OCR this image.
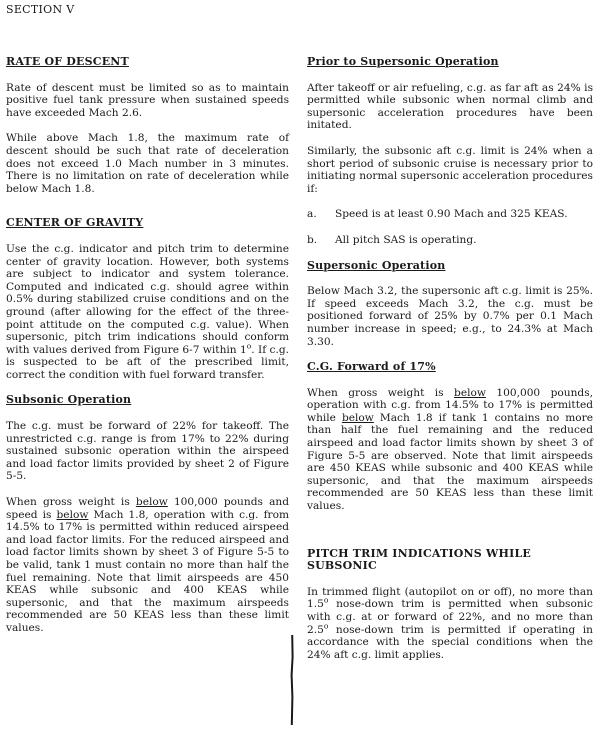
SECTION V
RATE OF DESCENT

Rate of descent must be limited so as to maintain positive fuel tank pressure when sustained speeds have exceeded Mach 2.6.

While above Mach 1.8, the maximum rate of descent should be such that rate of deceleration does not exceed 1.0 Mach number in 3 minutes. There is no limitation on rate of deceleration while below Mach 1.8.

CENTER OF GRAVITY

Use the c.g. indicator and pitch trim to determine center of gravity location. However, both systems are subject to indicator and system tolerance. Computed and indicated c.g. should agree within 0.5% during stabilized cruise conditions and on the ground (after allowing for the effect of the three-point attitude on the computed c.g. value). When supersonic, pitch trim indications should conform with values derived from Figure 6-7 within 1$^o$. If c.g. is suspected to be aft of the prescribed limit, correct the condition with fuel forward transfer.

Subsonic Operation

The c.g. must be forward of 22% for takeoff. The unrestricted c.g. range is from 17% to 22% during sustained subsonic operation within the airspeed and load factor limits provided by sheet 2 of Figure 5-5.

When gross weight is below 100,000 pounds and speed is below Mach 1.8, operation with c.g. from 14.5% to 17% is permitted within reduced airspeed and load factor limits. For the reduced airspeed and load factor limits shown by sheet 3 of Figure 5-5 to be valid, tank 1 must contain no more than half the fuel remaining. Note that limit airspeeds are 450 KEAS while subsonic and 400 KEAS while supersonic, and that the maximum airspeeds recommended are 50 KEAS less than these limit values.

Prior to Supersonic Operation

After takeoff or air refueling, c.g. as far aft as 24% is permitted while subsonic when normal climb and supersonic acceleration procedures have been initated.

Similarly, the subsonic aft c.g. limit is 24% when a short period of subsonic cruise is necessary prior to initiating normal supersonic acceleration procedures if:

a.	Speed is at least 0.90 Mach and 325 KEAS.
b.	All pitch SAS is operating.
Supersonic Operation

Below Mach 3.2, the supersonic aft c.g. limit is 25%. If speed exceeds Mach 3.2, the c.g. must be positioned forward of 25% by 0.7% per 0.1 Mach number increase in speed; e.g., to 24.3% at Mach 3.30.

C.G. Forward of 17%

When gross weight is below 100,000 pounds, operation with c.g. from 14.5% to 17% is permitted while below Mach 1.8 if tank 1 contains no more than half the fuel remaining and the reduced airspeed and load factor limits shown by sheet 3 of Figure 5-5 are observed. Note that limit airspeeds are 450 KEAS while subsonic and 400 KEAS while supersonic, and that the maximum airspeeds recommended are 50 KEAS less than these limit values.

PITCH TRIM INDICATIONS WHILE SUBSONIC

In trimmed flight (autopilot on or off), no more than 1.5$^o$ nose-down trim is permitted when subsonic with c.g. at or forward of 22%, and no more than 2.5$^o$ nose-down trim is permitted if operating in accordance with the special conditions when the 24% aft c.g. limit applies.
